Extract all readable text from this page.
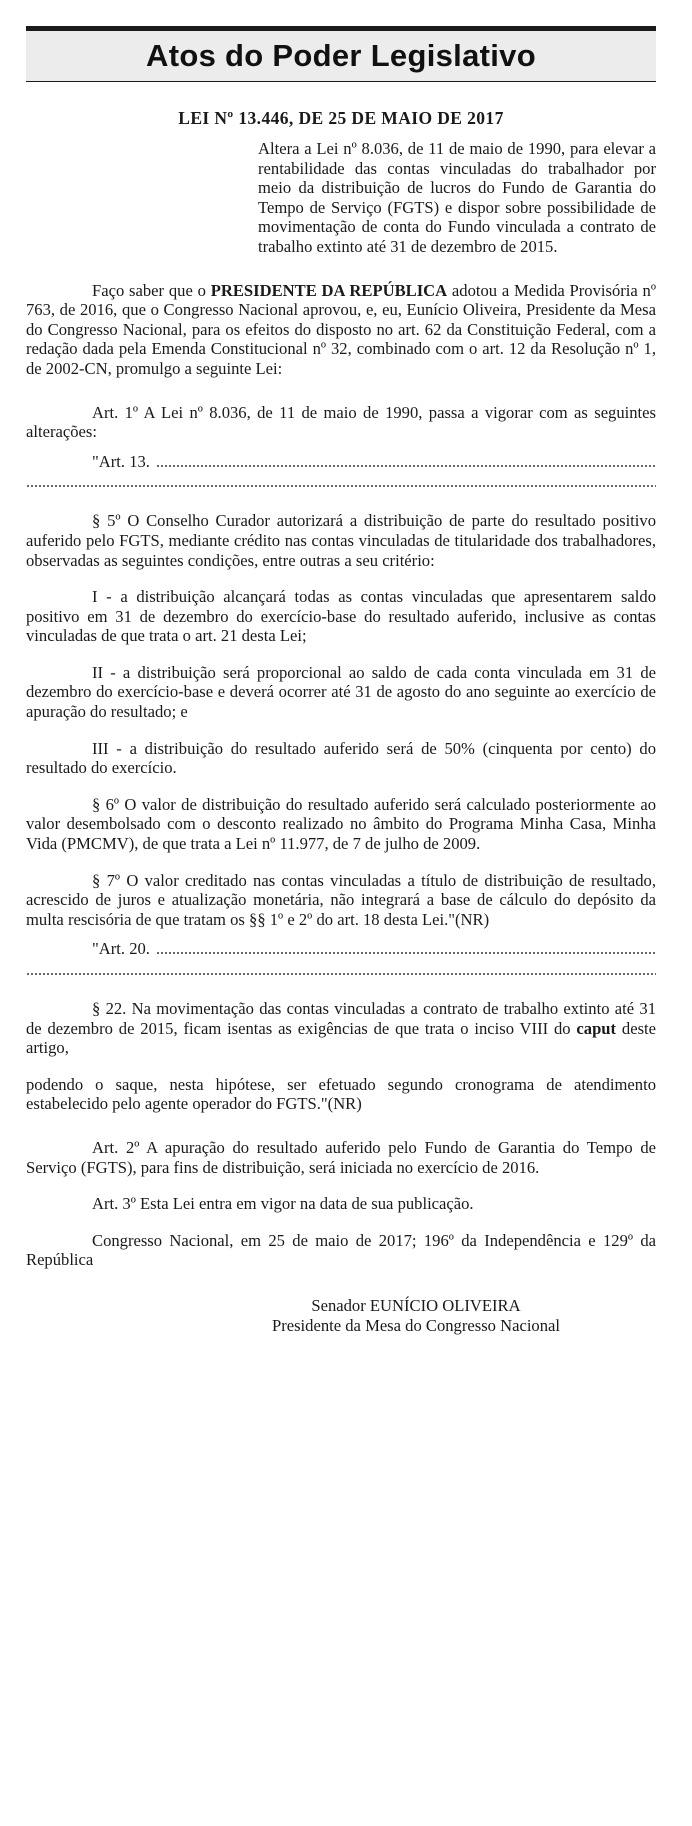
Atos do Poder Legislativo
LEI Nº 13.446, DE 25 DE MAIO DE 2017
Altera a Lei nº 8.036, de 11 de maio de 1990, para elevar a rentabilidade das contas vinculadas do trabalhador por meio da distribuição de lucros do Fundo de Garantia do Tempo de Serviço (FGTS) e dispor sobre possibilidade de movimentação de conta do Fundo vinculada a contrato de trabalho extinto até 31 de dezembro de 2015.

Faço saber que o PRESIDENTE DA REPÚBLICA adotou a Medida Provisória nº 763, de 2016, que o Congresso Nacional aprovou, e, eu, Eunício Oliveira, Presidente da Mesa do Congresso Nacional, para os efeitos do disposto no art. 62 da Constituição Federal, com a redação dada pela Emenda Constitucional nº 32, combinado com o art. 12 da Resolução nº 1, de 2002-CN, promulgo a seguinte Lei:

Art. 1º A Lei nº 8.036, de 11 de maio de 1990, passa a vigorar com as seguintes alterações:

"Art. 13.

§ 5º O Conselho Curador autorizará a distribuição de parte do resultado positivo auferido pelo FGTS, mediante crédito nas contas vinculadas de titularidade dos trabalhadores, observadas as seguintes condições, entre outras a seu critério:

I - a distribuição alcançará todas as contas vinculadas que apresentarem saldo positivo em 31 de dezembro do exercício-base do resultado auferido, inclusive as contas vinculadas de que trata o art. 21 desta Lei;

II - a distribuição será proporcional ao saldo de cada conta vinculada em 31 de dezembro do exercício-base e deverá ocorrer até 31 de agosto do ano seguinte ao exercício de apuração do resultado; e

III - a distribuição do resultado auferido será de 50% (cinquenta por cento) do resultado do exercício.

§ 6º O valor de distribuição do resultado auferido será calculado posteriormente ao valor desembolsado com o desconto realizado no âmbito do Programa Minha Casa, Minha Vida (PMCMV), de que trata a Lei nº 11.977, de 7 de julho de 2009.

§ 7º O valor creditado nas contas vinculadas a título de distribuição de resultado, acrescido de juros e atualização monetária, não integrará a base de cálculo do depósito da multa rescisória de que tratam os §§ 1º e 2º do art. 18 desta Lei."(NR)

"Art. 20.

§ 22. Na movimentação das contas vinculadas a contrato de trabalho extinto até 31 de dezembro de 2015, ficam isentas as exigências de que trata o inciso VIII do caput deste artigo,

podendo o saque, nesta hipótese, ser efetuado segundo cronograma de atendimento estabelecido pelo agente operador do FGTS."(NR)

Art. 2º A apuração do resultado auferido pelo Fundo de Garantia do Tempo de Serviço (FGTS), para fins de distribuição, será iniciada no exercício de 2016.

Art. 3º Esta Lei entra em vigor na data de sua publicação.

Congresso Nacional, em 25 de maio de 2017; 196º da Independência e 129º da República

Senador EUNÍCIO OLIVEIRA
Presidente da Mesa do Congresso Nacional
